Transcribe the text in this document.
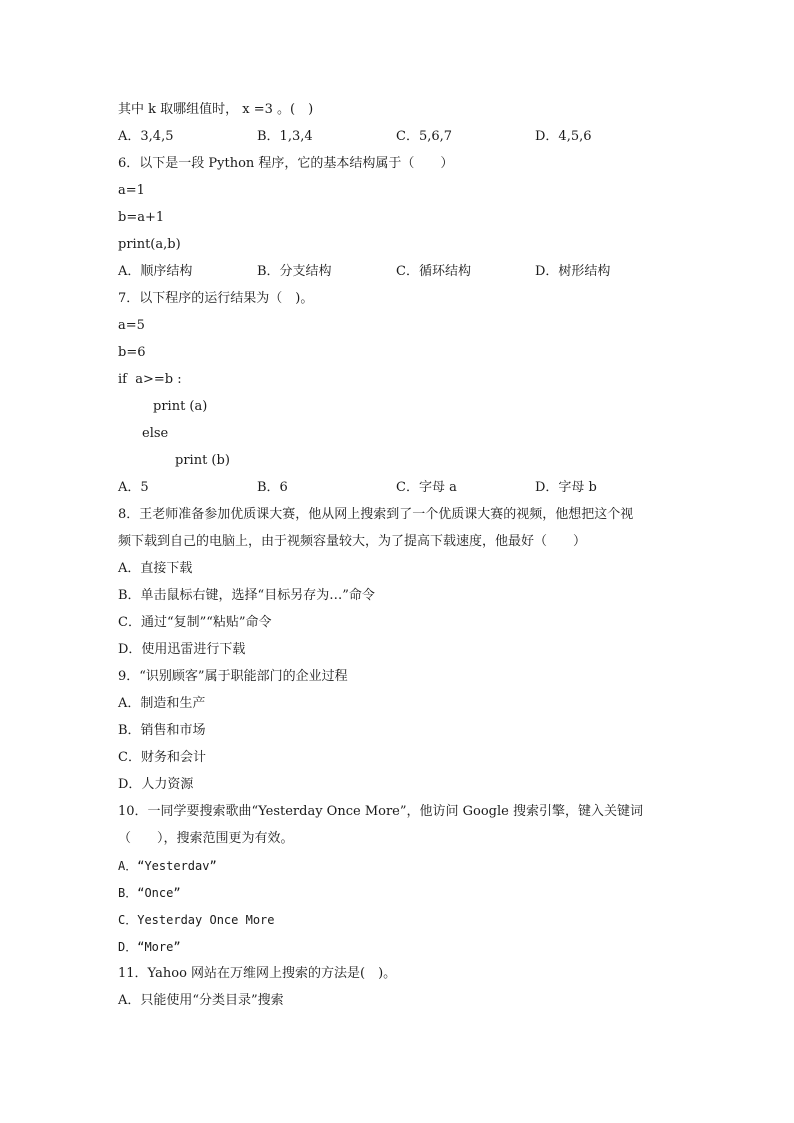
其中 k 取哪组值时， x =3 。(　)
A．3,4,5	B．1,3,4	C．5,6,7	D．4,5,6
6．以下是一段 Python 程序，它的基本结构属于（　　）
a=1
b=a+1
print(a,b)
A．顺序结构	B．分支结构	C．循环结构	D．树形结构
7．以下程序的运行结果为（　)。
a=5
b=6
if  a>=b :
print (a)
else
print (b)
A．5	B．6	C．字母 a	D．字母 b
8．王老师准备参加优质课大赛，他从网上搜索到了一个优质课大赛的视频，他想把这个视
频下载到自己的电脑上，由于视频容量较大，为了提高下载速度，他最好（　　）
A．直接下载
B．单击鼠标右键，选择“目标另存为…”命令
C．通过“复制”“粘贴”命令
D．使用迅雷进行下载
9．“识别顾客”属于职能部门的企业过程
A．制造和生产
B．销售和市场
C．财务和会计
D．人力资源
10．一同学要搜索歌曲“Yesterday Once More”，他访问 Google 搜索引擎，键入关键词
（　　），搜索范围更为有效。
A．“Yesterdav”
B．“Once”
C．Yesterday Once More
D．“More”
11．Yahoo 网站在万维网上搜索的方法是(　)。
A．只能使用“分类目录”搜索
